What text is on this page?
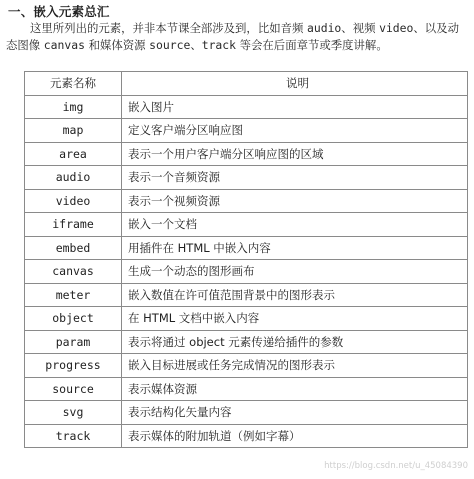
一、嵌入元素总汇
这里所列出的元素，并非本节课全部涉及到，比如音频 audio、视频 video、以及动态图像 canvas 和媒体资源 source、track 等会在后面章节或季度讲解。
元素名称	说明
img	嵌入图片
map	定义客户端分区响应图
area	表示一个用户客户端分区响应图的区域
audio	表示一个音频资源
video	表示一个视频资源
iframe	嵌入一个文档
embed	用插件在 HTML 中嵌入内容
canvas	生成一个动态的图形画布
meter	嵌入数值在许可值范围背景中的图形表示
object	在 HTML 文档中嵌入内容
param	表示将通过 object 元素传递给插件的参数
progress	嵌入目标进展或任务完成情况的图形表示
source	表示媒体资源
svg	表示结构化矢量内容
track	表示媒体的附加轨道（例如字幕）
https://blog.csdn.net/u_45084390
